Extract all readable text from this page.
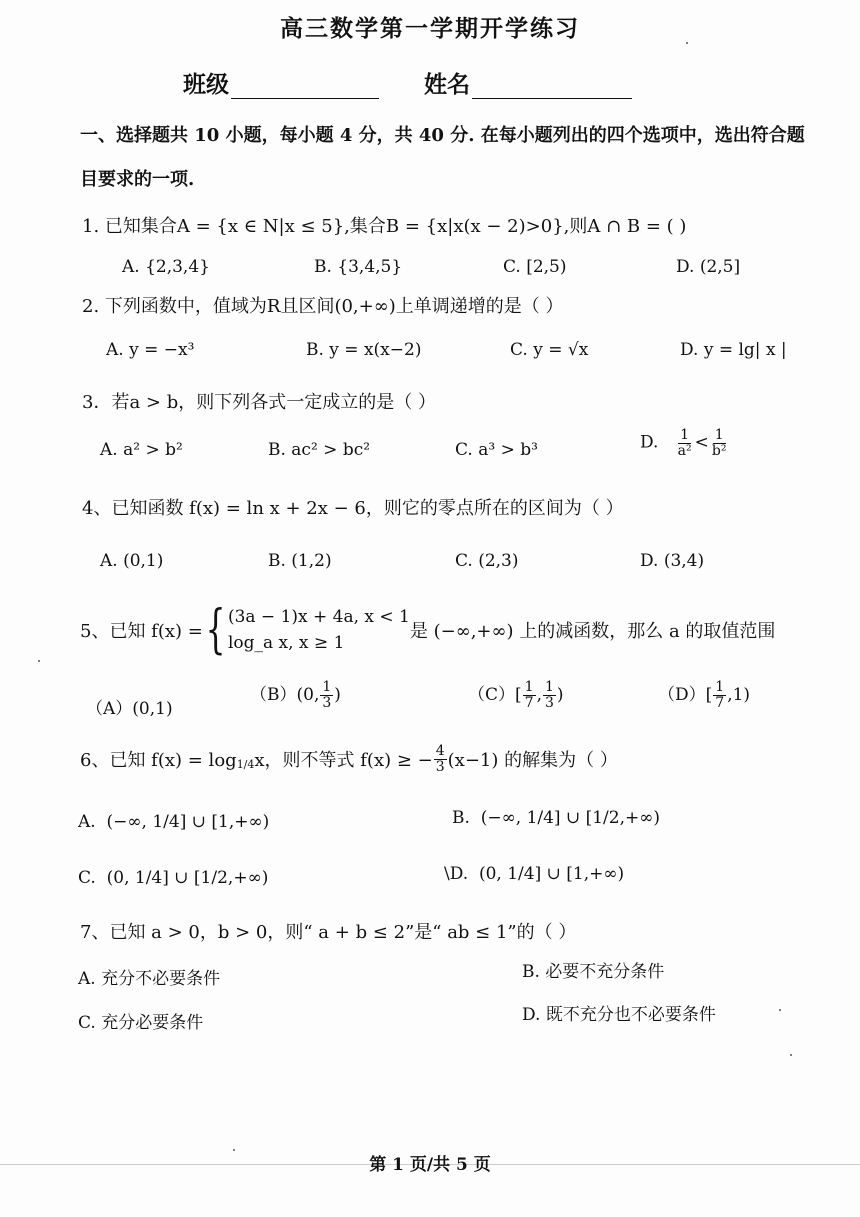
高三数学第一学期开学练习
班级	姓名
一、选择题共 10 小题，每小题 4 分，共 40 分. 在每小题列出的四个选项中，选出符合题目要求的一项.
1. 已知集合A = {x ∈ N|x ≤ 5},集合B = {x|x(x − 2)>0},则A ∩ B = ( )
A. {2,3,4}	B. {3,4,5}	C. [2,5)	D. (2,5]
2. 下列函数中，值域为R且区间(0,+∞)上单调递增的是（ ）
A. y = −x³	B. y = x(x−2)	C. y = √x	D. y = lg| x |
3．若a > b，则下列各式一定成立的是（ ）
A. a² > b²	B. ac² > bc²	C. a³ > b³	D. $\frac{1}{\text{a²}} < \frac{1}{\text{b²}}$
4、已知函数 f(x) = ln x + 2x − 6，则它的零点所在的区间为（ ）
A. (0,1)	B. (1,2)	C. (2,3)	D. (3,4)
5、已知 f(x) = { (3a − 1)x + 4a, x < 1
log_a x, x ≥ 1
是 (−∞,+∞) 上的减函数，那么 a 的取值范围
（A）(0,1)
（B）(0, $\frac{1}{3}$ )	$(C)[ \frac{1}{7}$ , $\frac{1}{3}$ )	$(D)[ \frac{1}{7} ,1)$
6、已知 $f(x) = \log_{1/4} x$，则不等式 f(x) ≥ − $\frac{4}{3} (x-1)$ 的解集为（ ）
A. (−∞, 1/4] ∪ [1,+∞)	B. (−∞, 1/4] ∪ [1/2,+∞)
C. (0, 1/4] ∪ [1/2,+∞)	\D. (0, 1/4] ∪ [1,+∞)
7、已知 a > 0，b > 0，则“ a + b ≤ 2”是“ ab ≤ 1”的（ ）
A. 充分不必要条件	B. 必要不充分条件
C. 充分必要条件	D. 既不充分也不必要条件
第 1 页/共 5 页
